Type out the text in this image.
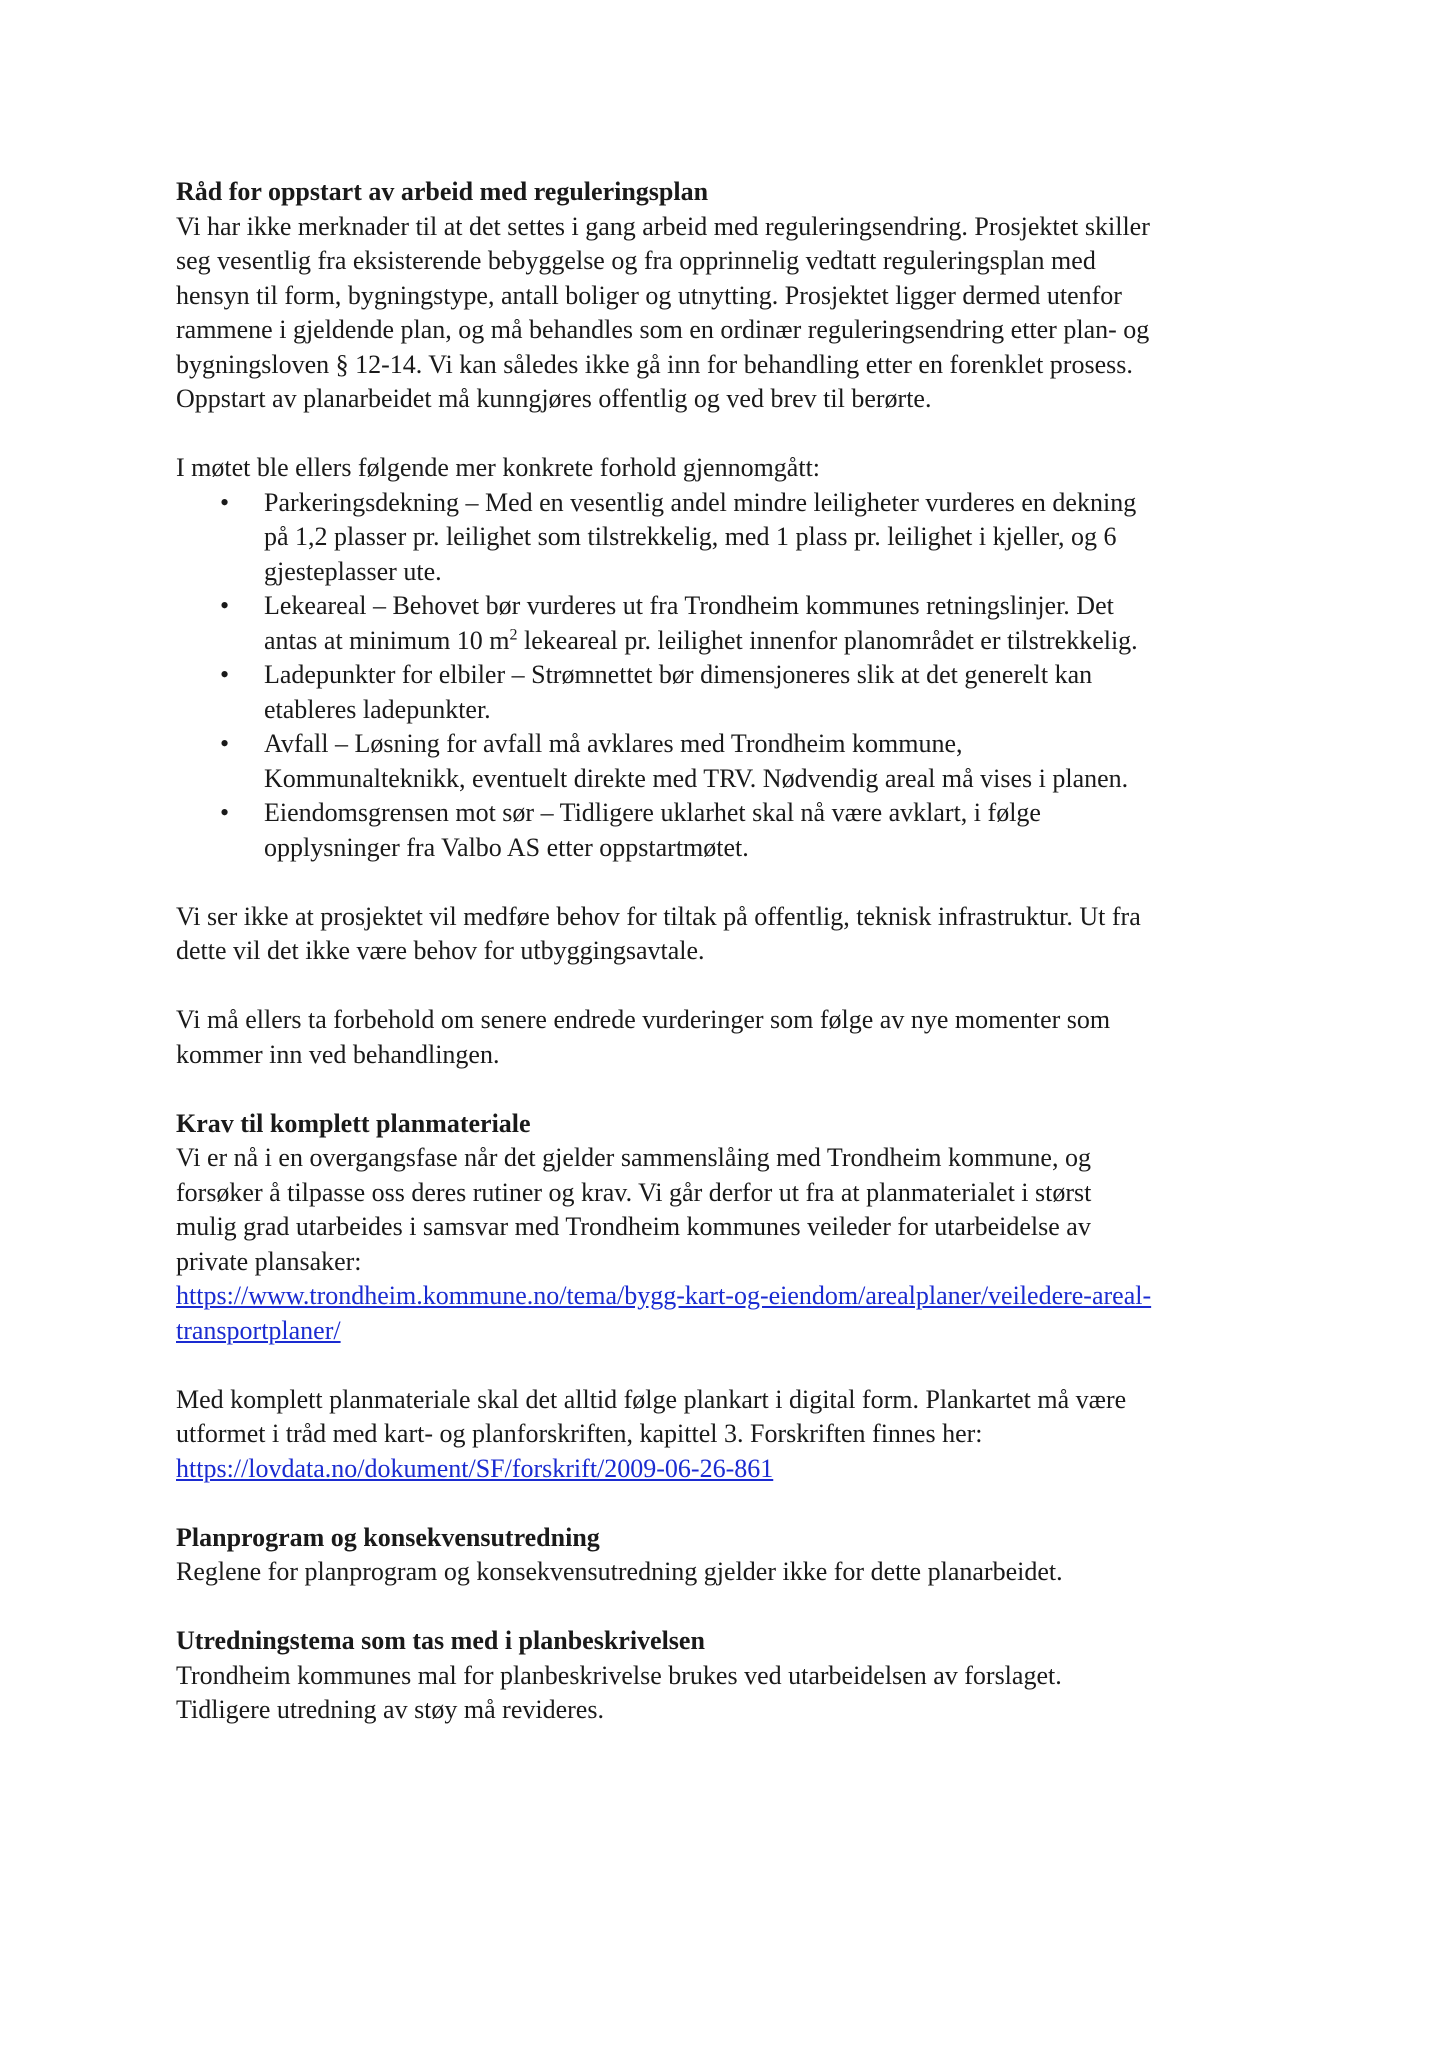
Råd for oppstart av arbeid med reguleringsplan

Vi har ikke merknader til at det settes i gang arbeid med reguleringsendring. Prosjektet skiller
seg vesentlig fra eksisterende bebyggelse og fra opprinnelig vedtatt reguleringsplan med
hensyn til form, bygningstype, antall boliger og utnytting. Prosjektet ligger dermed utenfor
rammene i gjeldende plan, og må behandles som en ordinær reguleringsendring etter plan- og
bygningsloven § 12-14. Vi kan således ikke gå inn for behandling etter en forenklet prosess.
Oppstart av planarbeidet må kunngjøres offentlig og ved brev til berørte.

I møtet ble ellers følgende mer konkrete forhold gjennomgått:

• Parkeringsdekning – Med en vesentlig andel mindre leiligheter vurderes en dekning
på 1,2 plasser pr. leilighet som tilstrekkelig, med 1 plass pr. leilighet i kjeller, og 6
gjesteplasser ute.
• Lekeareal – Behovet bør vurderes ut fra Trondheim kommunes retningslinjer. Det
antas at minimum 10 $m^2$ lekeareal pr. leilighet innenfor planområdet er tilstrekkelig.
• Ladepunkter for elbiler – Strømnettet bør dimensjoneres slik at det generelt kan
etableres ladepunkter.
• Avfall – Løsning for avfall må avklares med Trondheim kommune,
Kommunalteknikk, eventuelt direkte med TRV. Nødvendig areal må vises i planen.
• Eiendomsgrensen mot sør – Tidligere uklarhet skal nå være avklart, i følge
opplysninger fra Valbo AS etter oppstartmøtet.

Vi ser ikke at prosjektet vil medføre behov for tiltak på offentlig, teknisk infrastruktur. Ut fra
dette vil det ikke være behov for utbyggingsavtale.

Vi må ellers ta forbehold om senere endrede vurderinger som følge av nye momenter som
kommer inn ved behandlingen.

Krav til komplett planmateriale

Vi er nå i en overgangsfase når det gjelder sammenslåing med Trondheim kommune, og
forsøker å tilpasse oss deres rutiner og krav. Vi går derfor ut fra at planmaterialet i størst
mulig grad utarbeides i samsvar med Trondheim kommunes veileder for utarbeidelse av
private plansaker:
https://www.trondheim.kommune.no/tema/bygg-kart-og-eiendom/arealplaner/veiledere-areal-
transportplaner/

Med komplett planmateriale skal det alltid følge plankart i digital form. Plankartet må være
utformet i tråd med kart- og planforskriften, kapittel 3. Forskriften finnes her:
https://lovdata.no/dokument/SF/forskrift/2009-06-26-861

Planprogram og konsekvensutredning

Reglene for planprogram og konsekvensutredning gjelder ikke for dette planarbeidet.

Utredningstema som tas med i planbeskrivelsen

Trondheim kommunes mal for planbeskrivelse brukes ved utarbeidelsen av forslaget.
Tidligere utredning av støy må revideres.
